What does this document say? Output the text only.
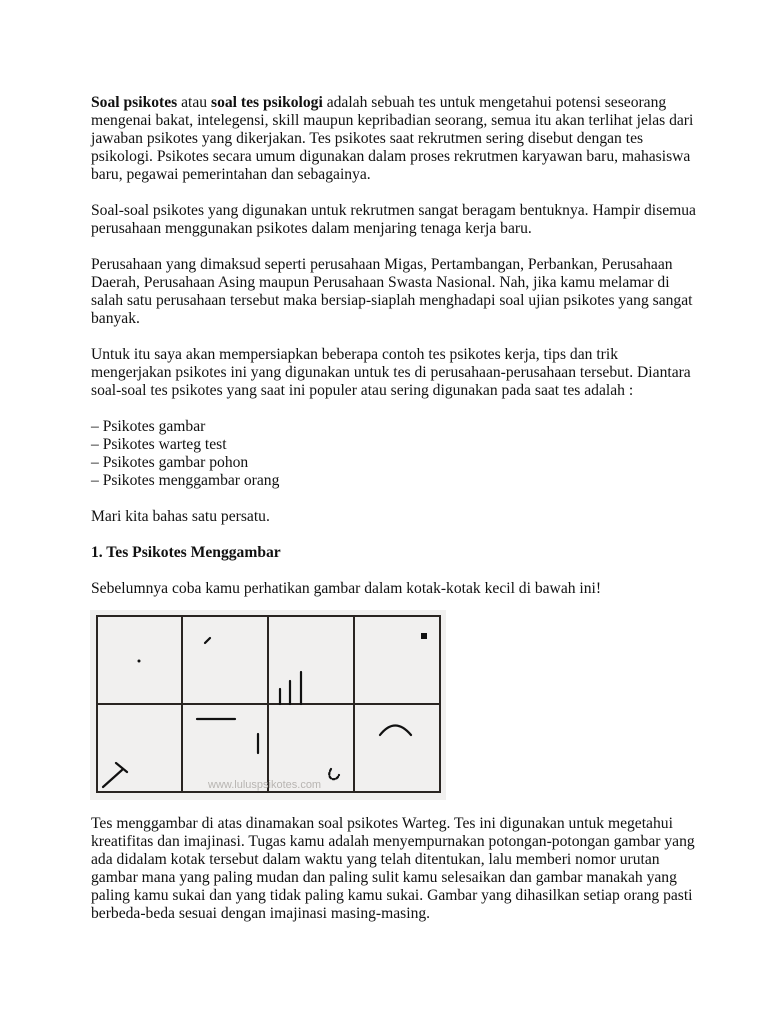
Soal psikotes atau soal tes psikologi adalah sebuah tes untuk mengetahui potensi seseorang
mengenai bakat, intelegensi, skill maupun kepribadian seorang, semua itu akan terlihat jelas dari
jawaban psikotes yang dikerjakan. Tes psikotes saat rekrutmen sering disebut dengan tes
psikologi. Psikotes secara umum digunakan dalam proses rekrutmen karyawan baru, mahasiswa
baru, pegawai pemerintahan dan sebagainya.
Soal-soal psikotes yang digunakan untuk rekrutmen sangat beragam bentuknya. Hampir disemua
perusahaan menggunakan psikotes dalam menjaring tenaga kerja baru.
Perusahaan yang dimaksud seperti perusahaan Migas, Pertambangan, Perbankan, Perusahaan
Daerah, Perusahaan Asing maupun Perusahaan Swasta Nasional. Nah, jika kamu melamar di
salah satu perusahaan tersebut maka bersiap-siaplah menghadapi soal ujian psikotes yang sangat
banyak.
Untuk itu saya akan mempersiapkan beberapa contoh tes psikotes kerja, tips dan trik
mengerjakan psikotes ini yang digunakan untuk tes di perusahaan-perusahaan tersebut. Diantara
soal-soal tes psikotes yang saat ini populer atau sering digunakan pada saat tes adalah :
– Psikotes gambar
– Psikotes warteg test
– Psikotes gambar pohon
– Psikotes menggambar orang
Mari kita bahas satu persatu.
1. Tes Psikotes Menggambar
Sebelumnya coba kamu perhatikan gambar dalam kotak-kotak kecil di bawah ini!
www.luluspsikotes.com
Tes menggambar di atas dinamakan soal psikotes Warteg. Tes ini digunakan untuk megetahui
kreatifitas dan imajinasi. Tugas kamu adalah menyempurnakan potongan-potongan gambar yang
ada didalam kotak tersebut dalam waktu yang telah ditentukan, lalu memberi nomor urutan
gambar mana yang paling mudan dan paling sulit kamu selesaikan dan gambar manakah yang
paling kamu sukai dan yang tidak paling kamu sukai. Gambar yang dihasilkan setiap orang pasti
berbeda-beda sesuai dengan imajinasi masing-masing.
